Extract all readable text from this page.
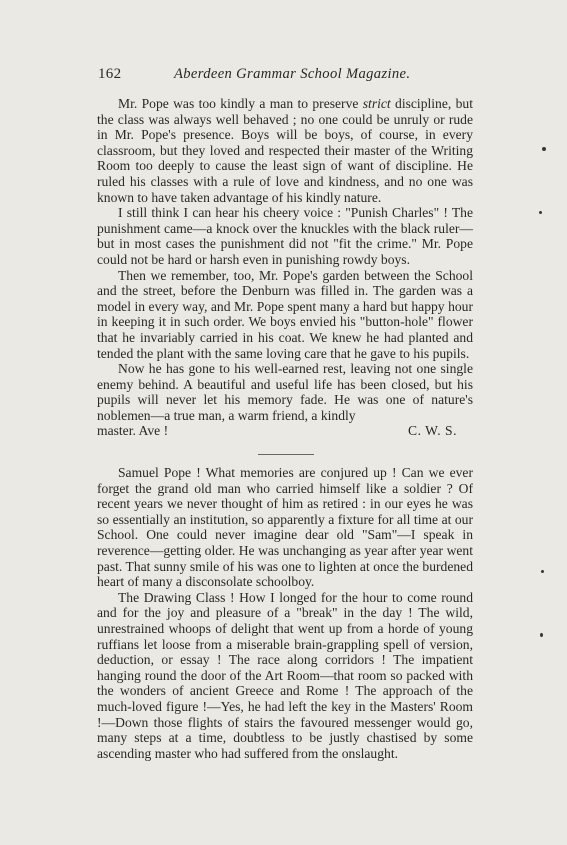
162	Aberdeen Grammar School Magazine.

Mr. Pope was too kindly a man to preserve strict discipline, but the class was always well behaved ; no one could be unruly or rude in Mr. Pope's presence. Boys will be boys, of course, in every classroom, but they loved and respected their master of the Writing Room too deeply to cause the least sign of want of discipline. He ruled his classes with a rule of love and kindness, and no one was known to have taken advantage of his kindly nature.

I still think I can hear his cheery voice : "Punish Charles" ! The punishment came—a knock over the knuckles with the black ruler—but in most cases the punishment did not "fit the crime." Mr. Pope could not be hard or harsh even in punishing rowdy boys.

Then we remember, too, Mr. Pope's garden between the School and the street, before the Denburn was filled in. The garden was a model in every way, and Mr. Pope spent many a hard but happy hour in keeping it in such order. We boys envied his "button-hole" flower that he invariably carried in his coat. We knew he had planted and tended the plant with the same loving care that he gave to his pupils.

Now he has gone to his well-earned rest, leaving not one single enemy behind. A beautiful and useful life has been closed, but his pupils will never let his memory fade. He was one of nature's noblemen—a true man, a warm friend, a kindly

master. Ave !	C. W. S.

Samuel Pope ! What memories are conjured up ! Can we ever forget the grand old man who carried himself like a soldier ? Of recent years we never thought of him as retired : in our eyes he was so essentially an institution, so apparently a fixture for all time at our School. One could never imagine dear old "Sam"—I speak in reverence—getting older. He was unchanging as year after year went past. That sunny smile of his was one to lighten at once the burdened heart of many a disconsolate schoolboy.

The Drawing Class ! How I longed for the hour to come round and for the joy and pleasure of a "break" in the day ! The wild, unrestrained whoops of delight that went up from a horde of young ruffians let loose from a miserable brain-grappling spell of version, deduction, or essay ! The race along corridors ! The impatient hanging round the door of the Art Room—that room so packed with the wonders of ancient Greece and Rome ! The approach of the much-loved figure !—Yes, he had left the key in the Masters' Room !—Down those flights of stairs the favoured messenger would go, many steps at a time, doubtless to be justly chastised by some ascending master who had suffered from the onslaught.
